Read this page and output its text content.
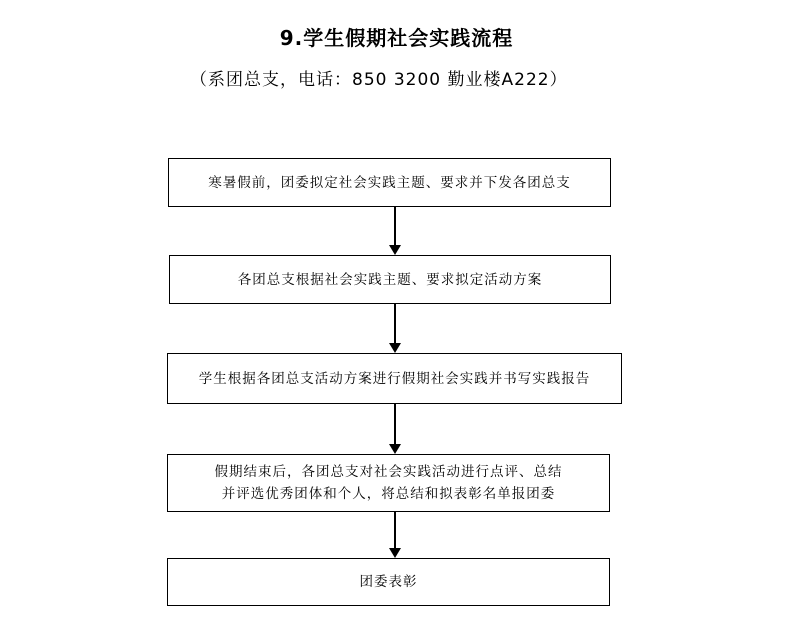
9.学生假期社会实践流程
（系团总支，电话：850 3200 勤业楼A222）
寒暑假前，团委拟定社会实践主题、要求并下发各团总支
各团总支根据社会实践主题、要求拟定活动方案
学生根据各团总支活动方案进行假期社会实践并书写实践报告
假期结束后，各团总支对社会实践活动进行点评、总结
并评选优秀团体和个人，将总结和拟表彰名单报团委
团委表彰
